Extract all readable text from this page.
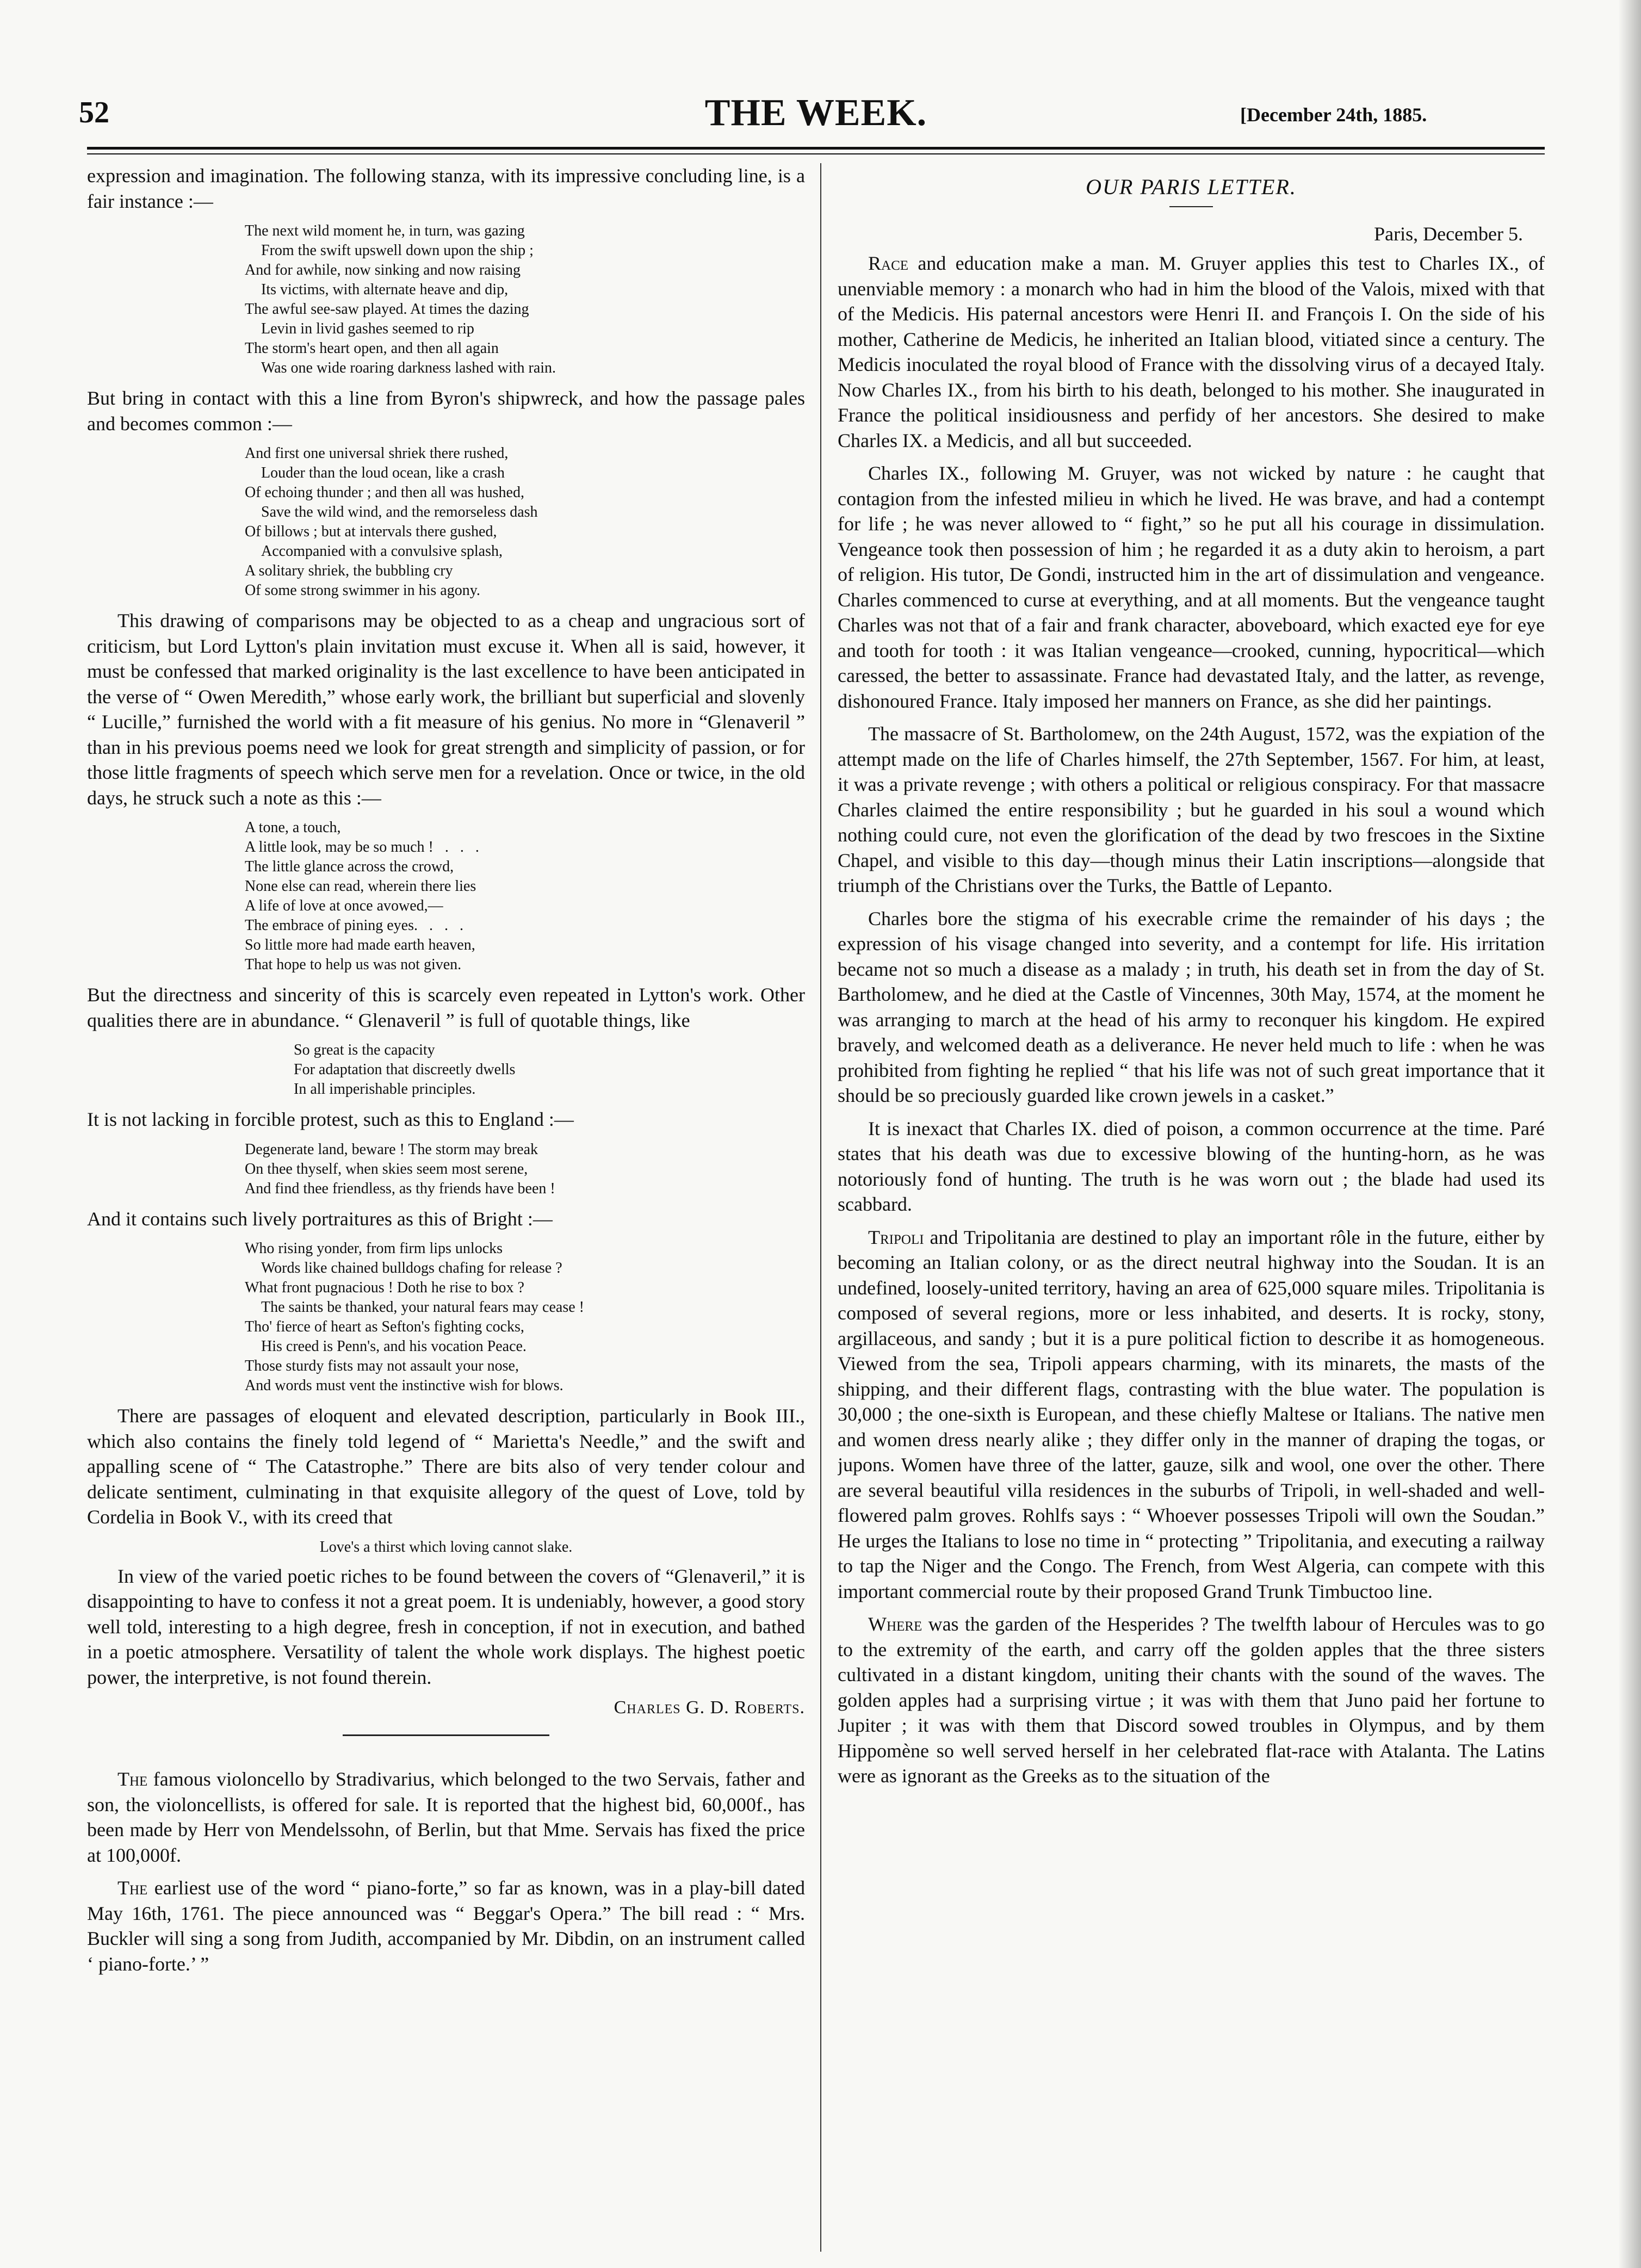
52	THE WEEK.	[December 24th, 1885.

expression and imagination. The following stanza, with its impressive concluding line, is a fair instance :—

The next wild moment he, in turn, was gazing
From the swift upswell down upon the ship ;
And for awhile, now sinking and now raising
Its victims, with alternate heave and dip,
The awful see-saw played. At times the dazing
Levin in livid gashes seemed to rip
The storm's heart open, and then all again
Was one wide roaring darkness lashed with rain.

But bring in contact with this a line from Byron's shipwreck, and how the passage pales and becomes common :—

And first one universal shriek there rushed,
Louder than the loud ocean, like a crash
Of echoing thunder ; and then all was hushed,
Save the wild wind, and the remorseless dash
Of billows ; but at intervals there gushed,
Accompanied with a convulsive splash,
A solitary shriek, the bubbling cry
Of some strong swimmer in his agony.

This drawing of comparisons may be objected to as a cheap and ungracious sort of criticism, but Lord Lytton's plain invitation must excuse it. When all is said, however, it must be confessed that marked originality is the last excellence to have been anticipated in the verse of “ Owen Meredith,” whose early work, the brilliant but superficial and slovenly “ Lucille,” furnished the world with a fit measure of his genius. No more in “Glenaveril ” than in his previous poems need we look for great strength and simplicity of passion, or for those little fragments of speech which serve men for a revelation. Once or twice, in the old days, he struck such a note as this :—

A tone, a touch,
A little look, may be so much !   .   .   .
The little glance across the crowd,
None else can read, wherein there lies
A life of love at once avowed,—
The embrace of pining eyes.   .   .   .
So little more had made earth heaven,
That hope to help us was not given.

But the directness and sincerity of this is scarcely even repeated in Lytton's work. Other qualities there are in abundance. “ Glenaveril ” is full of quotable things, like

So great is the capacity
For adaptation that discreetly dwells
In all imperishable principles.

It is not lacking in forcible protest, such as this to England :—

Degenerate land, beware ! The storm may break
On thee thyself, when skies seem most serene,
And find thee friendless, as thy friends have been !

And it contains such lively portraitures as this of Bright :—

Who rising yonder, from firm lips unlocks
Words like chained bulldogs chafing for release ?
What front pugnacious ! Doth he rise to box ?
The saints be thanked, your natural fears may cease !
Tho' fierce of heart as Sefton's fighting cocks,
His creed is Penn's, and his vocation Peace.
Those sturdy fists may not assault your nose,
And words must vent the instinctive wish for blows.

There are passages of eloquent and elevated description, particularly in Book III., which also contains the finely told legend of “ Marietta's Needle,” and the swift and appalling scene of “ The Catastrophe.” There are bits also of very tender colour and delicate sentiment, culminating in that exquisite allegory of the quest of Love, told by Cordelia in Book V., with its creed that

Love's a thirst which loving cannot slake.

In view of the varied poetic riches to be found between the covers of “Glenaveril,” it is disappointing to have to confess it not a great poem. It is undeniably, however, a good story well told, interesting to a high degree, fresh in conception, if not in execution, and bathed in a poetic atmosphere. Versatility of talent the whole work displays. The highest poetic power, the interpretive, is not found therein.

Charles G. D. Roberts.

The famous violoncello by Stradivarius, which belonged to the two Servais, father and son, the violoncellists, is offered for sale. It is reported that the highest bid, 60,000f., has been made by Herr von Mendelssohn, of Berlin, but that Mme. Servais has fixed the price at 100,000f.

The earliest use of the word “ piano-forte,” so far as known, was in a play-bill dated May 16th, 1761. The piece announced was “ Beggar's Opera.” The bill read : “ Mrs. Buckler will sing a song from Judith, accompanied by Mr. Dibdin, on an instrument called ‘ piano-forte.’ ”

OUR PARIS LETTER.
Paris, December 5.

Race and education make a man. M. Gruyer applies this test to Charles IX., of unenviable memory : a monarch who had in him the blood of the Valois, mixed with that of the Medicis. His paternal ancestors were Henri II. and François I. On the side of his mother, Catherine de Medicis, he inherited an Italian blood, vitiated since a century. The Medicis inoculated the royal blood of France with the dissolving virus of a decayed Italy. Now Charles IX., from his birth to his death, belonged to his mother. She inaugurated in France the political insidiousness and perfidy of her ancestors. She desired to make Charles IX. a Medicis, and all but succeeded.

Charles IX., following M. Gruyer, was not wicked by nature : he caught that contagion from the infested milieu in which he lived. He was brave, and had a contempt for life ; he was never allowed to “ fight,” so he put all his courage in dissimulation. Vengeance took then possession of him ; he regarded it as a duty akin to heroism, a part of religion. His tutor, De Gondi, instructed him in the art of dissimulation and vengeance. Charles commenced to curse at everything, and at all moments. But the vengeance taught Charles was not that of a fair and frank character, aboveboard, which exacted eye for eye and tooth for tooth : it was Italian vengeance—crooked, cunning, hypocritical—which caressed, the better to assassinate. France had devastated Italy, and the latter, as revenge, dishonoured France. Italy imposed her manners on France, as she did her paintings.

The massacre of St. Bartholomew, on the 24th August, 1572, was the expiation of the attempt made on the life of Charles himself, the 27th September, 1567. For him, at least, it was a private revenge ; with others a political or religious conspiracy. For that massacre Charles claimed the entire responsibility ; but he guarded in his soul a wound which nothing could cure, not even the glorification of the dead by two frescoes in the Sixtine Chapel, and visible to this day—though minus their Latin inscriptions—alongside that triumph of the Christians over the Turks, the Battle of Lepanto.

Charles bore the stigma of his execrable crime the remainder of his days ; the expression of his visage changed into severity, and a contempt for life. His irritation became not so much a disease as a malady ; in truth, his death set in from the day of St. Bartholomew, and he died at the Castle of Vincennes, 30th May, 1574, at the moment he was arranging to march at the head of his army to reconquer his kingdom. He expired bravely, and welcomed death as a deliverance. He never held much to life : when he was prohibited from fighting he replied “ that his life was not of such great importance that it should be so preciously guarded like crown jewels in a casket.”

It is inexact that Charles IX. died of poison, a common occurrence at the time. Paré states that his death was due to excessive blowing of the hunting-horn, as he was notoriously fond of hunting. The truth is he was worn out ; the blade had used its scabbard.

Tripoli and Tripolitania are destined to play an important rôle in the future, either by becoming an Italian colony, or as the direct neutral highway into the Soudan. It is an undefined, loosely-united territory, having an area of 625,000 square miles. Tripolitania is composed of several regions, more or less inhabited, and deserts. It is rocky, stony, argillaceous, and sandy ; but it is a pure political fiction to describe it as homogeneous. Viewed from the sea, Tripoli appears charming, with its minarets, the masts of the shipping, and their different flags, contrasting with the blue water. The population is 30,000 ; the one-sixth is European, and these chiefly Maltese or Italians. The native men and women dress nearly alike ; they differ only in the manner of draping the togas, or jupons. Women have three of the latter, gauze, silk and wool, one over the other. There are several beautiful villa residences in the suburbs of Tripoli, in well-shaded and well-flowered palm groves. Rohlfs says : “ Whoever possesses Tripoli will own the Soudan.” He urges the Italians to lose no time in “ protecting ” Tripolitania, and executing a railway to tap the Niger and the Congo. The French, from West Algeria, can compete with this important commercial route by their proposed Grand Trunk Timbuctoo line.

Where was the garden of the Hesperides ? The twelfth labour of Hercules was to go to the extremity of the earth, and carry off the golden apples that the three sisters cultivated in a distant kingdom, uniting their chants with the sound of the waves. The golden apples had a surprising virtue ; it was with them that Juno paid her fortune to Jupiter ; it was with them that Discord sowed troubles in Olympus, and by them Hippomène so well served herself in her celebrated flat-race with Atalanta. The Latins were as ignorant as the Greeks as to the situation of the
